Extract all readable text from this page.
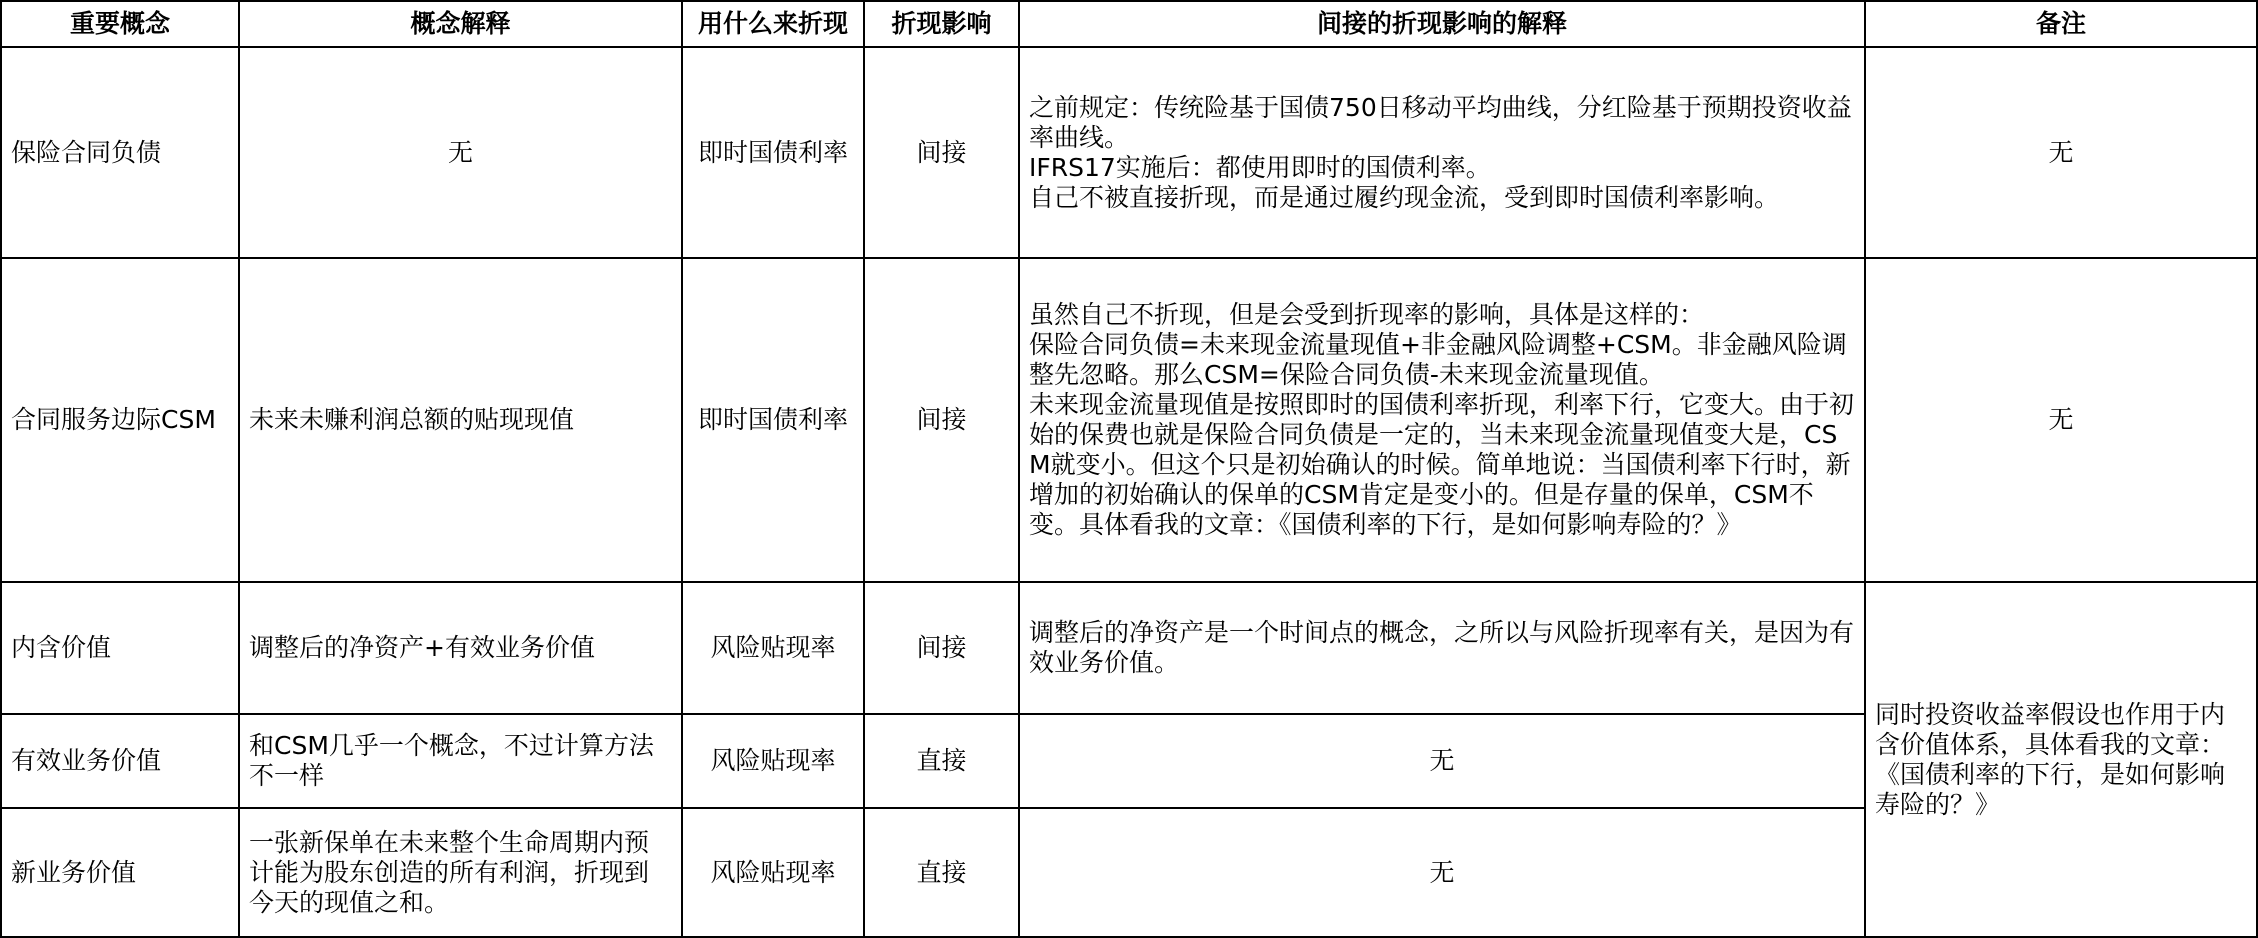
重要概念	概念解释	用什么来折现	折现影响	间接的折现影响的解释	备注
保险合同负债	无	即时国债利率	间接	之前规定：传统险基于国债750日移动平均曲线，分红险基于预期投资收益率曲线。
IFRS17实施后：都使用即时的国债利率。
自己不被直接折现，而是通过履约现金流，受到即时国债利率影响。	无
合同服务边际CSM	未来未赚利润总额的贴现现值	即时国债利率	间接	虽然自己不折现，但是会受到折现率的影响，具体是这样的：
保险合同负债=未来现金流量现值+非金融风险调整+CSM。非金融风险调整先忽略。那么CSM=保险合同负债-未来现金流量现值。
未来现金流量现值是按照即时的国债利率折现，利率下行，它变大。由于初始的保费也就是保险合同负债是一定的，当未来现金流量现值变大是，CSM就变小。但这个只是初始确认的时候。简单地说：当国债利率下行时，新增加的初始确认的保单的CSM肯定是变小的。但是存量的保单，CSM不变。具体看我的文章：《国债利率的下行，是如何影响寿险的？》	无
内含价值	调整后的净资产+有效业务价值	风险贴现率	间接	调整后的净资产是一个时间点的概念，之所以与风险折现率有关，是因为有效业务价值。	同时投资收益率假设也作用于内含价值体系，具体看我的文章：《国债利率的下行，是如何影响寿险的？》
有效业务价值	和CSM几乎一个概念，不过计算方法不一样	风险贴现率	直接	无	
新业务价值	一张新保单在未来整个生命周期内预计能为股东创造的所有利润，折现到今天的现值之和。	风险贴现率	直接	无	
